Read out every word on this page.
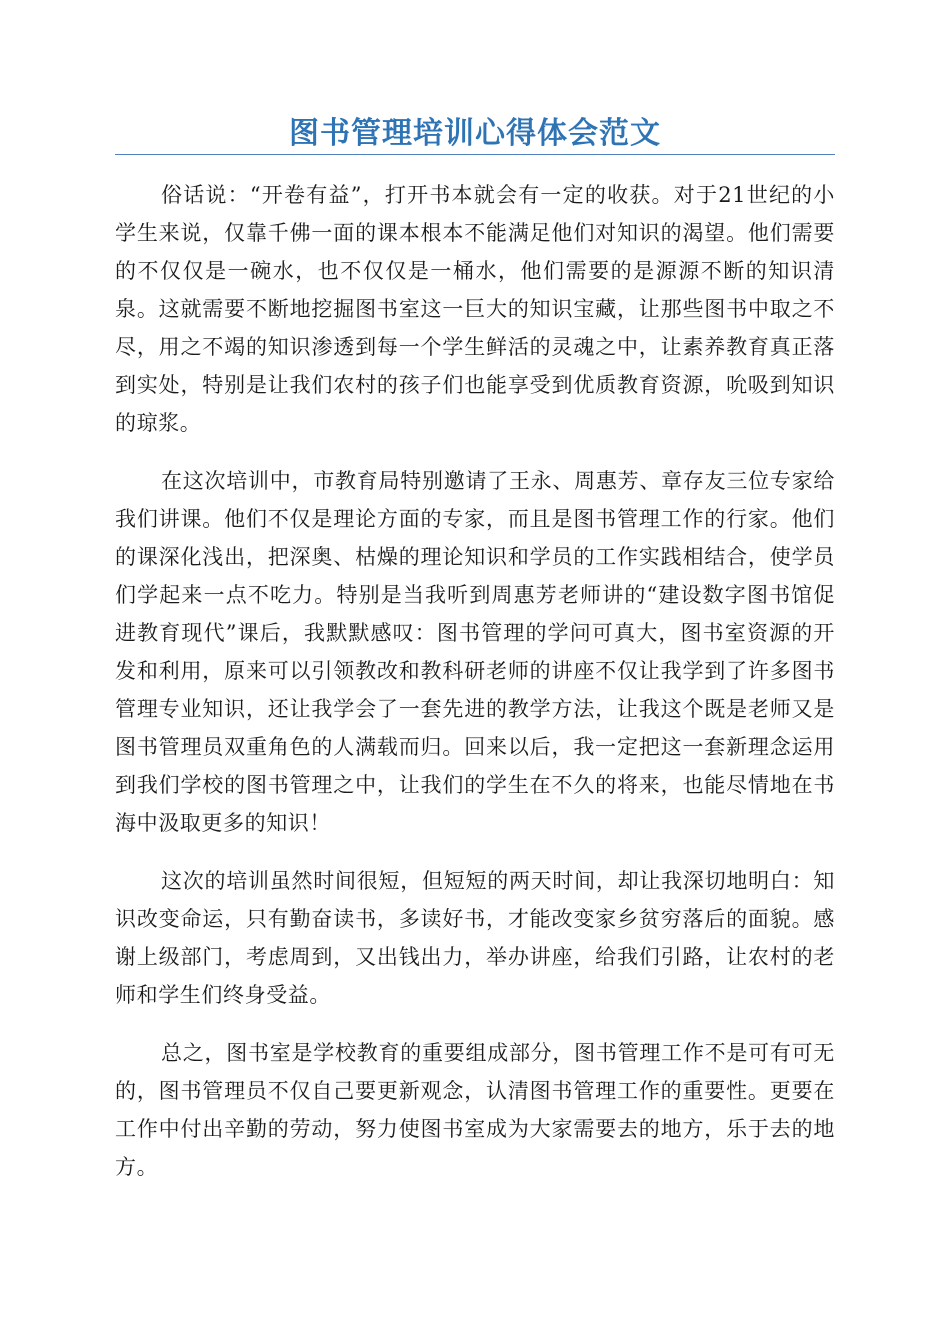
图书管理培训心得体会范文

俗话说：“开卷有益”，打开书本就会有一定的收获。对于21世纪的小学生来说，仅靠千佛一面的课本根本不能满足他们对知识的渴望。他们需要的不仅仅是一碗水，也不仅仅是一桶水，他们需要的是源源不断的知识清泉。这就需要不断地挖掘图书室这一巨大的知识宝藏，让那些图书中取之不尽，用之不竭的知识渗透到每一个学生鲜活的灵魂之中，让素养教育真正落到实处，特别是让我们农村的孩子们也能享受到优质教育资源，吮吸到知识的琼浆。

在这次培训中，市教育局特别邀请了王永、周惠芳、章存友三位专家给我们讲课。他们不仅是理论方面的专家，而且是图书管理工作的行家。他们的课深化浅出，把深奥、枯燥的理论知识和学员的工作实践相结合，使学员们学起来一点不吃力。特别是当我听到周惠芳老师讲的“建设数字图书馆促进教育现代”课后，我默默感叹：图书管理的学问可真大，图书室资源的开发和利用，原来可以引领教改和教科研老师的讲座不仅让我学到了许多图书管理专业知识，还让我学会了一套先进的教学方法，让我这个既是老师又是图书管理员双重角色的人满载而归。回来以后，我一定把这一套新理念运用到我们学校的图书管理之中，让我们的学生在不久的将来，也能尽情地在书海中汲取更多的知识！

这次的培训虽然时间很短，但短短的两天时间，却让我深切地明白：知识改变命运，只有勤奋读书，多读好书，才能改变家乡贫穷落后的面貌。感谢上级部门，考虑周到，又出钱出力，举办讲座，给我们引路，让农村的老师和学生们终身受益。

总之，图书室是学校教育的重要组成部分，图书管理工作不是可有可无的，图书管理员不仅自己要更新观念，认清图书管理工作的重要性。更要在工作中付出辛勤的劳动，努力使图书室成为大家需要去的地方，乐于去的地方。
